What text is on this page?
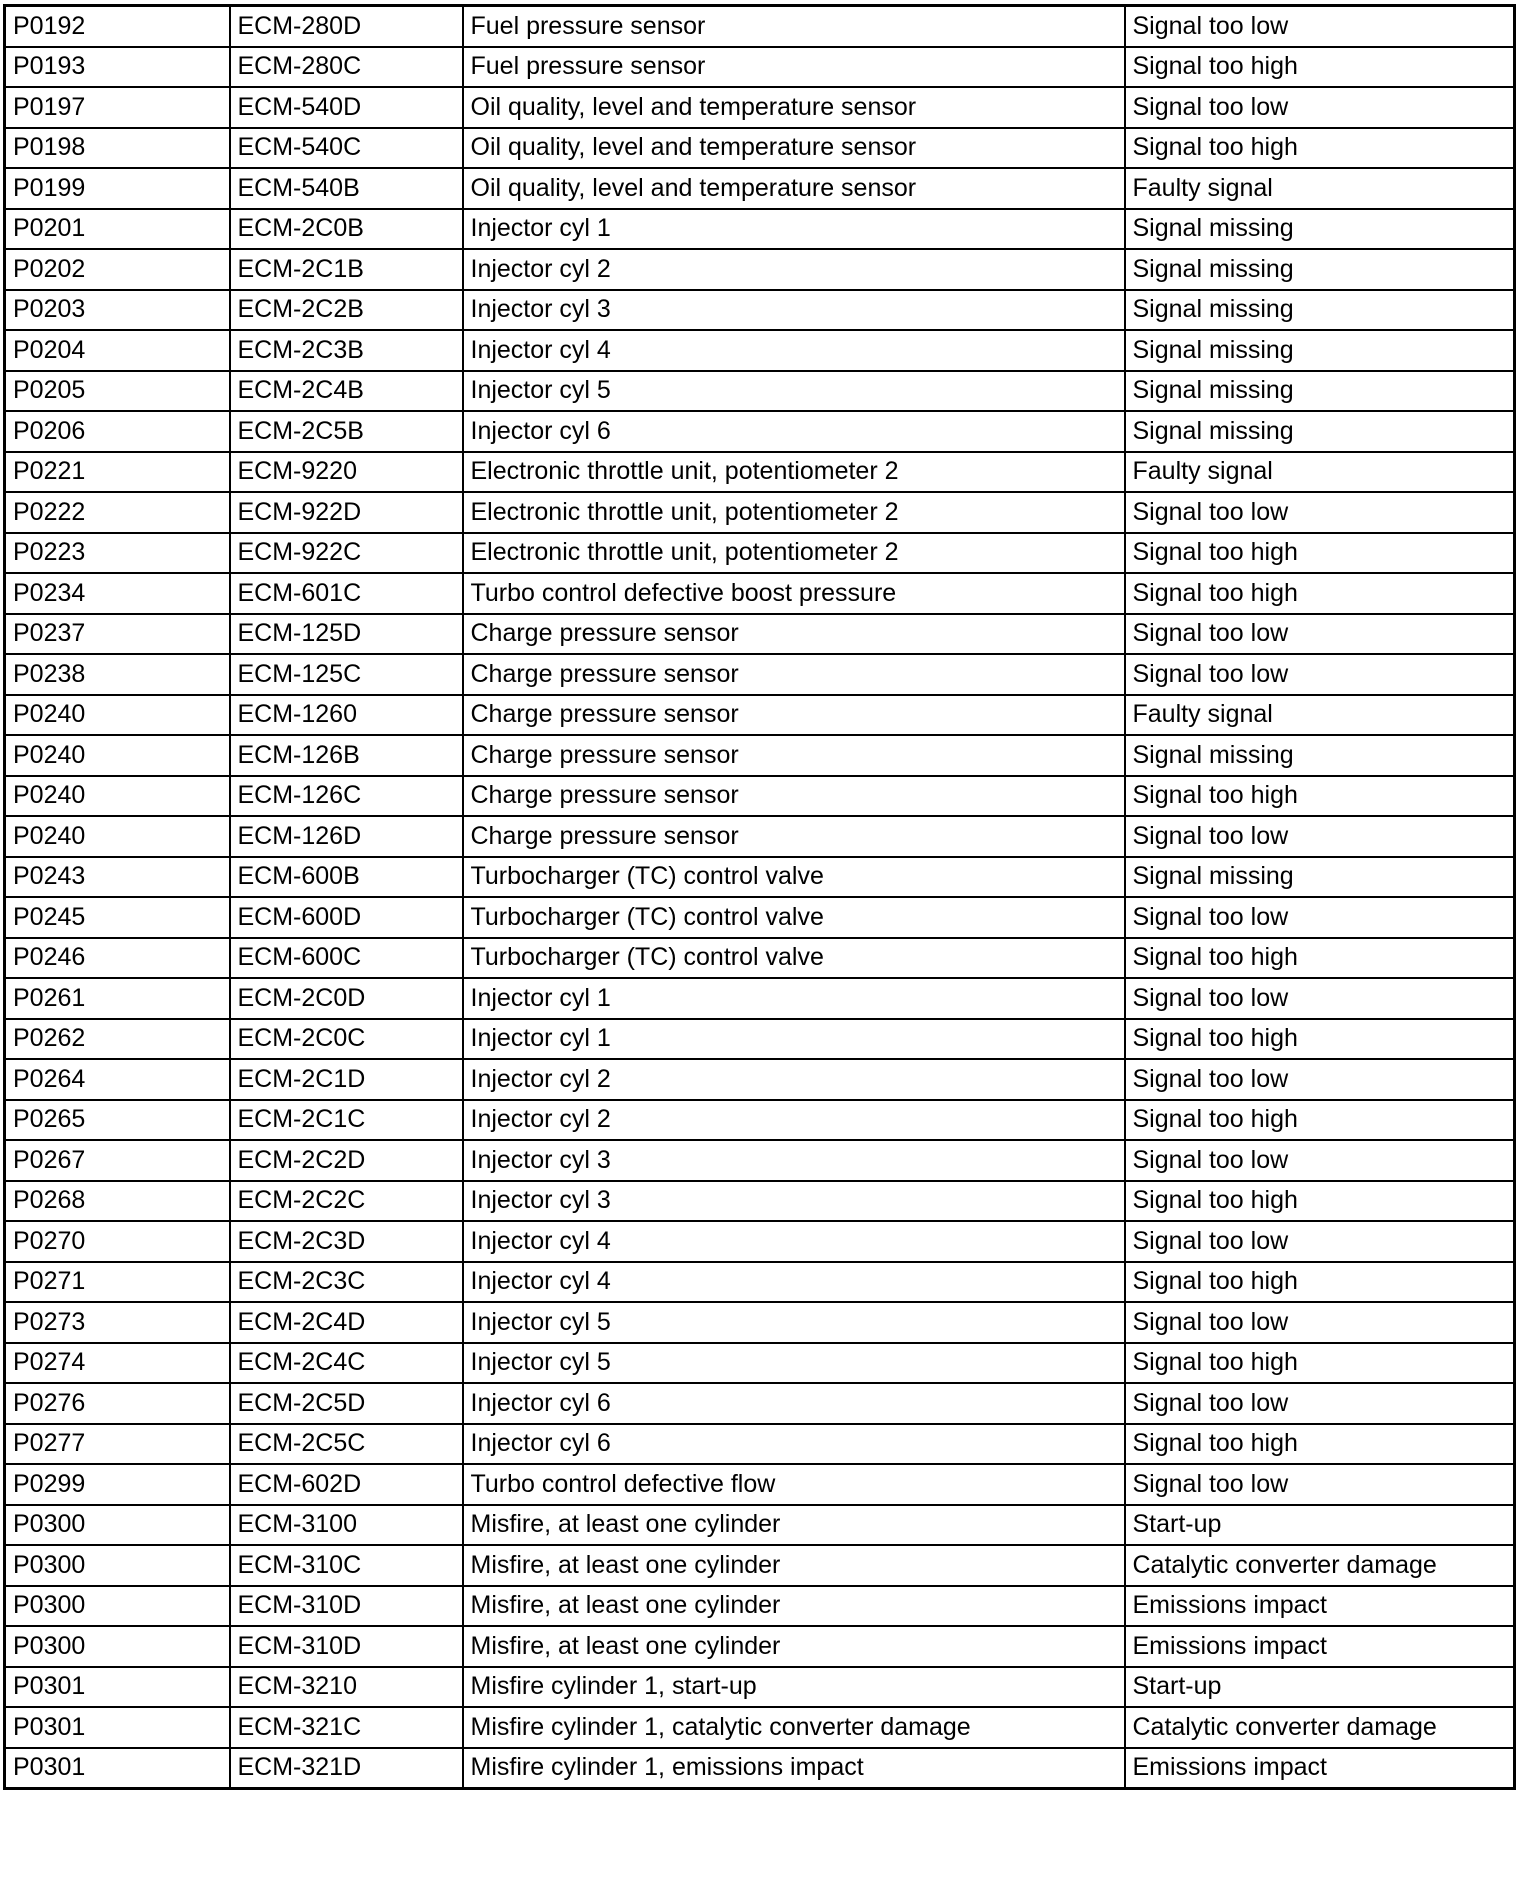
P0192	ECM-280D	Fuel pressure sensor	Signal too low
P0193	ECM-280C	Fuel pressure sensor	Signal too high
P0197	ECM-540D	Oil quality, level and temperature sensor	Signal too low
P0198	ECM-540C	Oil quality, level and temperature sensor	Signal too high
P0199	ECM-540B	Oil quality, level and temperature sensor	Faulty signal
P0201	ECM-2C0B	Injector cyl 1	Signal missing
P0202	ECM-2C1B	Injector cyl 2	Signal missing
P0203	ECM-2C2B	Injector cyl 3	Signal missing
P0204	ECM-2C3B	Injector cyl 4	Signal missing
P0205	ECM-2C4B	Injector cyl 5	Signal missing
P0206	ECM-2C5B	Injector cyl 6	Signal missing
P0221	ECM-9220	Electronic throttle unit, potentiometer 2	Faulty signal
P0222	ECM-922D	Electronic throttle unit, potentiometer 2	Signal too low
P0223	ECM-922C	Electronic throttle unit, potentiometer 2	Signal too high
P0234	ECM-601C	Turbo control defective boost pressure	Signal too high
P0237	ECM-125D	Charge pressure sensor	Signal too low
P0238	ECM-125C	Charge pressure sensor	Signal too low
P0240	ECM-1260	Charge pressure sensor	Faulty signal
P0240	ECM-126B	Charge pressure sensor	Signal missing
P0240	ECM-126C	Charge pressure sensor	Signal too high
P0240	ECM-126D	Charge pressure sensor	Signal too low
P0243	ECM-600B	Turbocharger (TC) control valve	Signal missing
P0245	ECM-600D	Turbocharger (TC) control valve	Signal too low
P0246	ECM-600C	Turbocharger (TC) control valve	Signal too high
P0261	ECM-2C0D	Injector cyl 1	Signal too low
P0262	ECM-2C0C	Injector cyl 1	Signal too high
P0264	ECM-2C1D	Injector cyl 2	Signal too low
P0265	ECM-2C1C	Injector cyl 2	Signal too high
P0267	ECM-2C2D	Injector cyl 3	Signal too low
P0268	ECM-2C2C	Injector cyl 3	Signal too high
P0270	ECM-2C3D	Injector cyl 4	Signal too low
P0271	ECM-2C3C	Injector cyl 4	Signal too high
P0273	ECM-2C4D	Injector cyl 5	Signal too low
P0274	ECM-2C4C	Injector cyl 5	Signal too high
P0276	ECM-2C5D	Injector cyl 6	Signal too low
P0277	ECM-2C5C	Injector cyl 6	Signal too high
P0299	ECM-602D	Turbo control defective flow	Signal too low
P0300	ECM-3100	Misfire, at least one cylinder	Start-up
P0300	ECM-310C	Misfire, at least one cylinder	Catalytic converter damage
P0300	ECM-310D	Misfire, at least one cylinder	Emissions impact
P0300	ECM-310D	Misfire, at least one cylinder	Emissions impact
P0301	ECM-3210	Misfire cylinder 1, start-up	Start-up
P0301	ECM-321C	Misfire cylinder 1, catalytic converter damage	Catalytic converter damage
P0301	ECM-321D	Misfire cylinder 1, emissions impact	Emissions impact
